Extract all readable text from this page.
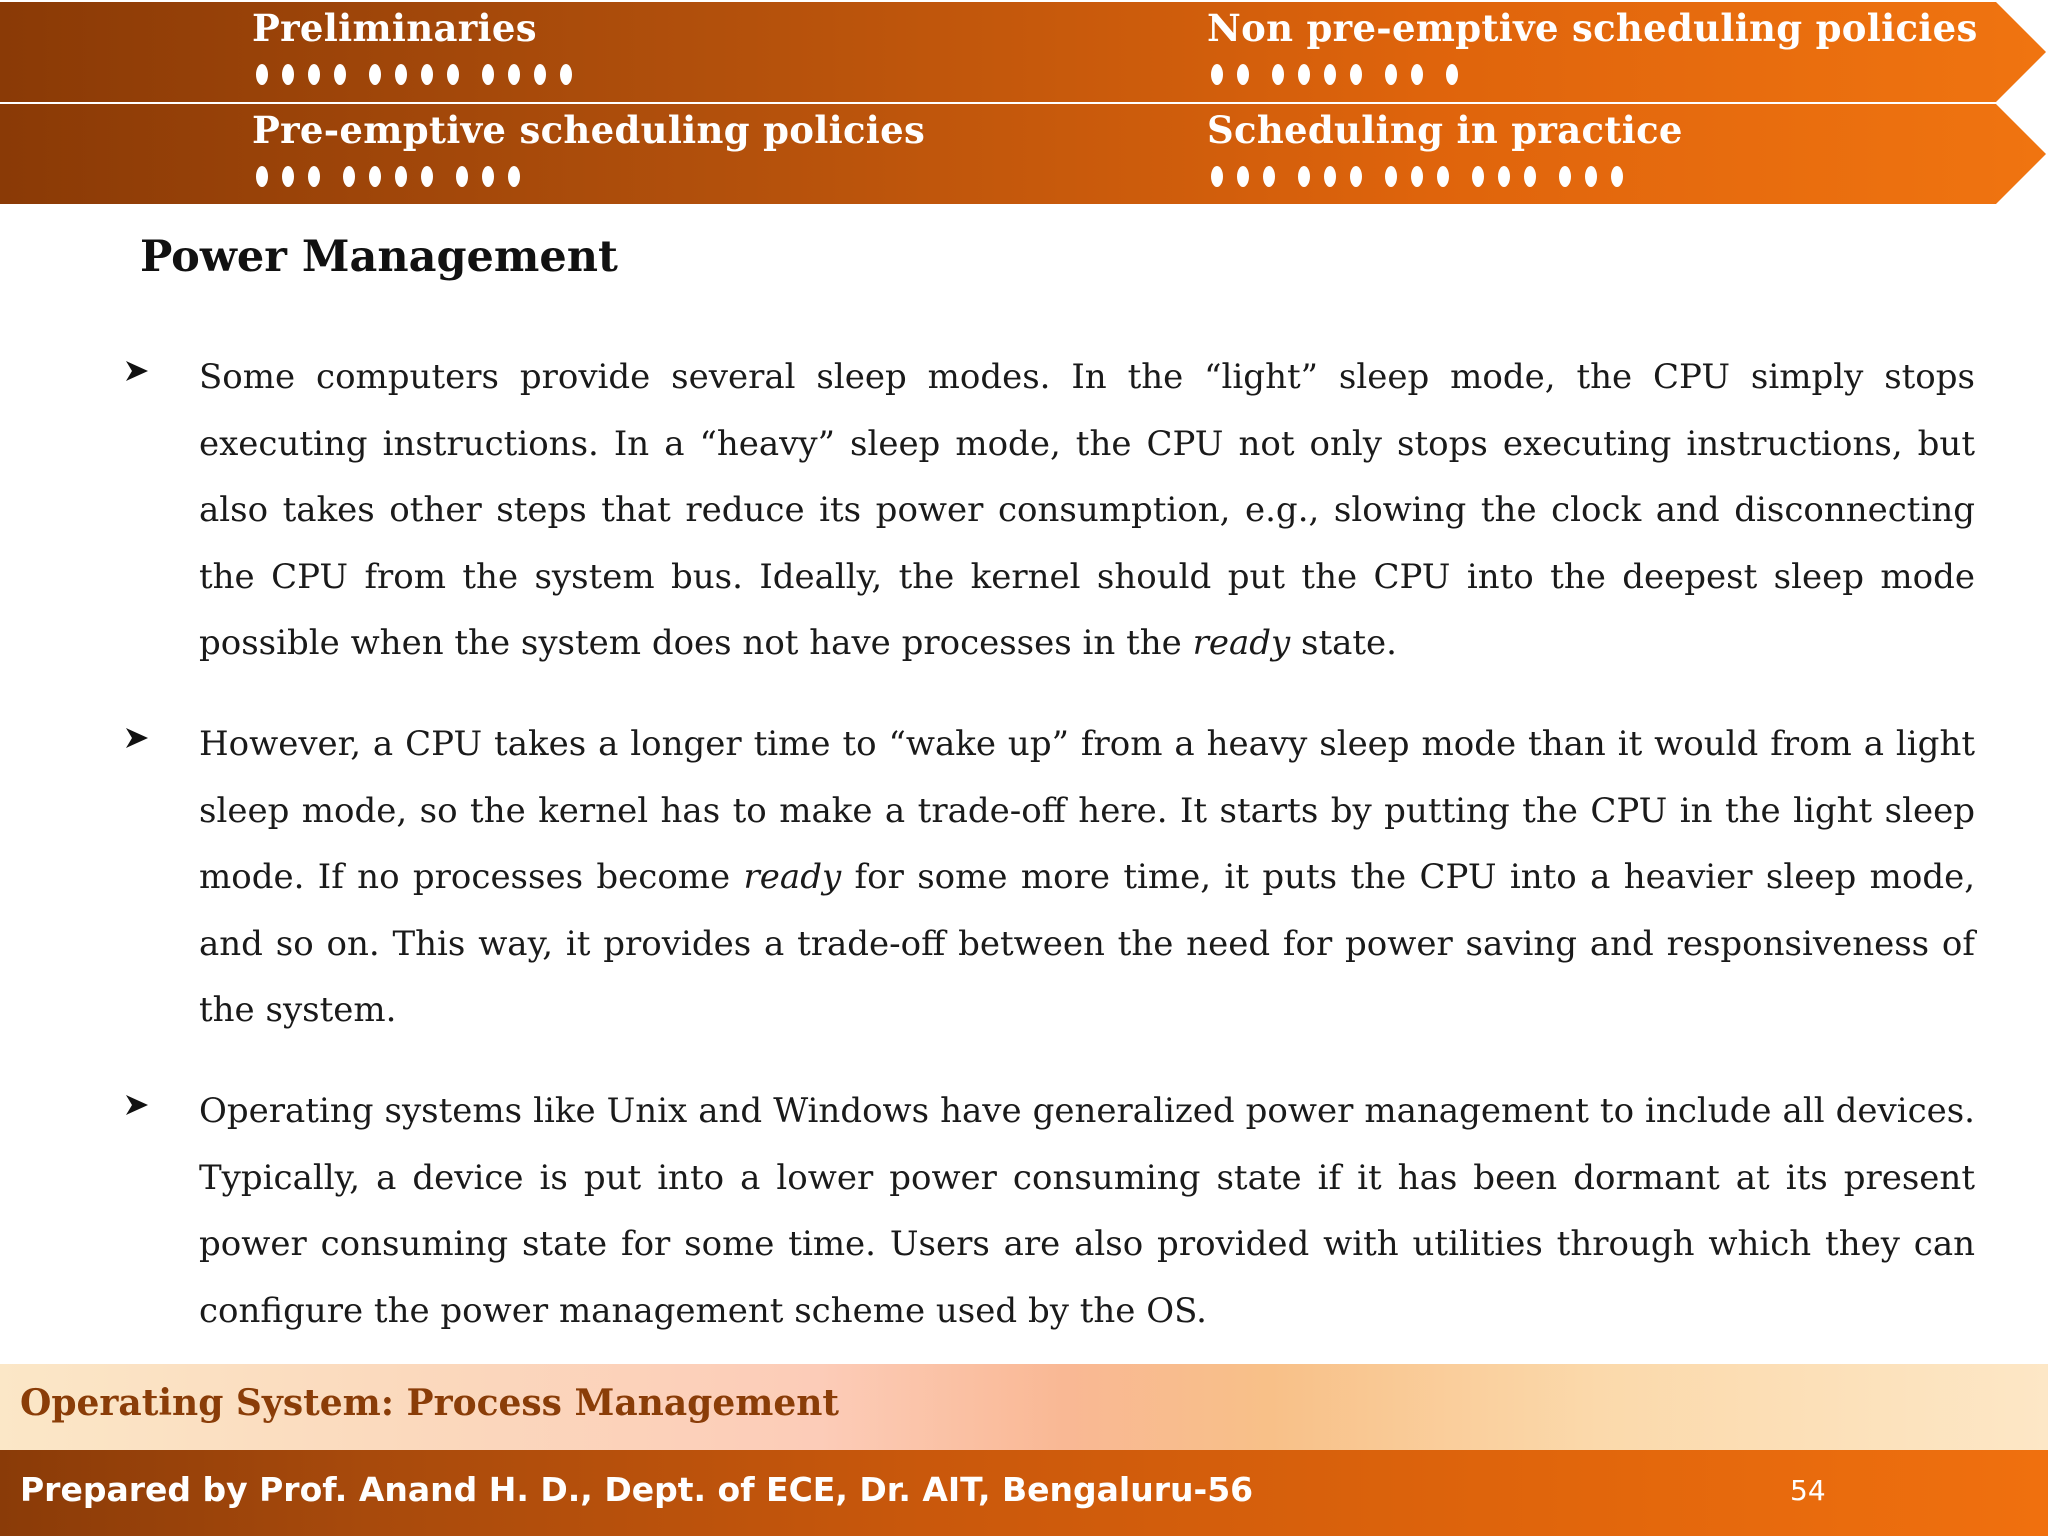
Preliminaries	Non pre-emptive scheduling policies
Pre-emptive scheduling policies	Scheduling in practice
Power Management

Some computers provide several sleep modes. In the “light” sleep mode, the CPU simply stops executing instructions. In a “heavy” sleep mode, the CPU not only stops executing instructions, but also takes other steps that reduce its power consumption, e.g., slowing the clock and disconnecting the CPU from the system bus. Ideally, the kernel should put the CPU into the deepest sleep mode possible when the system does not have processes in the ready state.

However, a CPU takes a longer time to “wake up” from a heavy sleep mode than it would from a light sleep mode, so the kernel has to make a trade-off here. It starts by putting the CPU in the light sleep mode. If no processes become ready for some more time, it puts the CPU into a heavier sleep mode, and so on. This way, it provides a trade-off between the need for power saving and responsiveness of the system.

Operating systems like Unix and Windows have generalized power management to include all devices. Typically, a device is put into a lower power consuming state if it has been dormant at its present power consuming state for some time. Users are also provided with utilities through which they can configure the power management scheme used by the OS.

Operating System: Process Management
Prepared by Prof. Anand H. D., Dept. of ECE, Dr. AIT, Bengaluru-56	54
